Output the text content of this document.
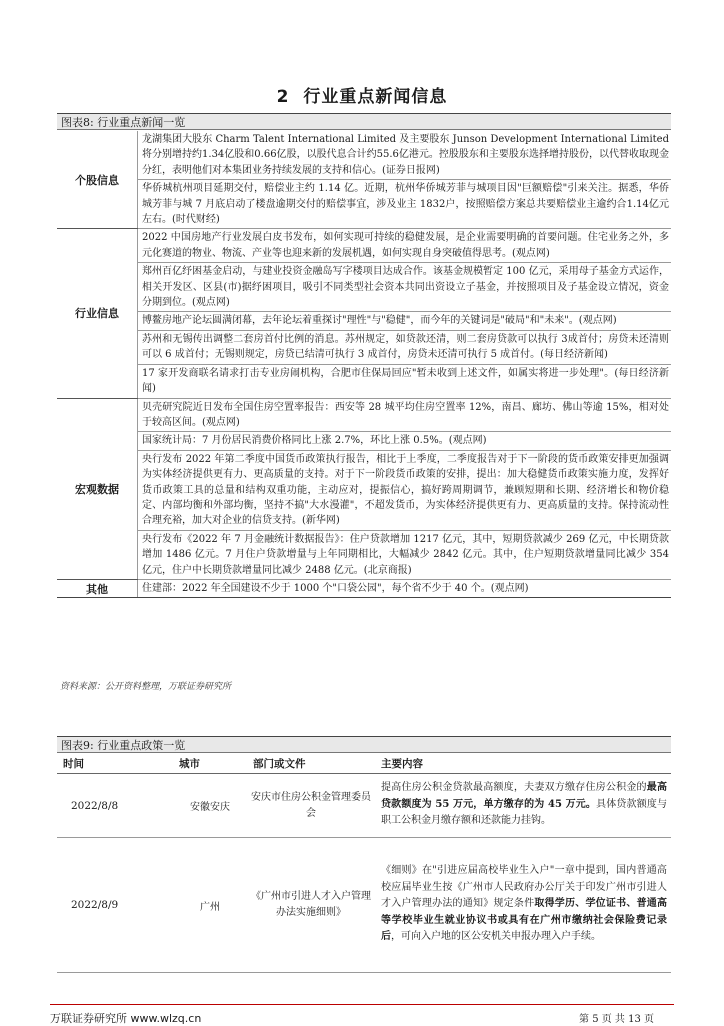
2 行业重点新闻信息
图表8: 行业重点新闻一览
个股信息	龙湖集团大股东 Charm Talent International Limited 及主要股东 Junson Development International Limited将分别增持约1.34亿股和0.66亿股，以股代息合计约55.6亿港元。控股股东和主要股东选择增持股份，以代替收取现金分红，表明他们对本集团业务持续发展的支持和信心。(证券日报网)
	华侨城杭州项目延期交付，赔偿业主约 1.14 亿。近期，杭州华侨城芳菲与城项目因"巨额赔偿"引来关注。据悉，华侨城芳菲与城 7 月底启动了楼盘逾期交付的赔偿事宜，涉及业主 1832户，按照赔偿方案总共要赔偿业主逾约合1.14亿元左右。(时代财经)
行业信息	2022 中国房地产行业发展白皮书发布，如何实现可持续的稳健发展，是企业需要明确的首要问题。住宅业务之外，多元化赛道的物业、物流、产业等也迎来新的发展机遇，如何实现自身突破值得思考。(观点网)
	郑州百亿纾困基金启动，与建业投资金融岛写字楼项目达成合作。该基金规模暂定 100 亿元，采用母子基金方式运作，相关开发区、区县(市)据纾困项目，吸引不同类型社会资本共同出资设立子基金，并按照项目及子基金设立情况，资金分期到位。(观点网)
	博鳌房地产论坛圆满闭幕，去年论坛着重探讨"理性"与"稳健"，而今年的关键词是"破局"和"未来"。(观点网)
	苏州和无锡传出调整二套房首付比例的消息。苏州规定，如贷款还清，则二套房贷款可以执行 3成首付；房贷未还清则可以 6 成首付；无锡则规定，房贷已结清可执行 3 成首付，房贷未还清可执行 5 成首付。(每日经济新闻)
	17 家开发商联名请求打击专业房闹机构，合肥市住保局回应"暂未收到上述文件，如属实将进一步处理"。(每日经济新闻)
宏观数据	贝壳研究院近日发布全国住房空置率报告：西安等 28 城平均住房空置率 12%，南昌、廊坊、佛山等逾 15%，相对处于较高区间。(观点网)
	国家统计局：7 月份居民消费价格同比上涨 2.7%，环比上涨 0.5%。(观点网)
	央行发布 2022 年第二季度中国货币政策执行报告，相比于上季度，二季度报告对于下一阶段的货币政策安排更加强调为实体经济提供更有力、更高质量的支持。对于下一阶段货币政策的安排，提出：加大稳健货币政策实施力度，发挥好货币政策工具的总量和结构双重功能，主动应对，提振信心，搞好跨周期调节，兼顾短期和长期、经济增长和物价稳定、内部均衡和外部均衡，坚持不搞"大水漫灌"，不超发货币，为实体经济提供更有力、更高质量的支持。保持流动性合理充裕，加大对企业的信贷支持。(新华网)
	央行发布《2022 年 7 月金融统计数据报告》：住户贷款增加 1217 亿元，其中，短期贷款减少 269 亿元，中长期贷款增加 1486 亿元。7 月住户贷款增量与上年同期相比，大幅减少 2842 亿元。其中，住户短期贷款增量同比减少 354 亿元，住户中长期贷款增量同比减少 2488 亿元。(北京商报)
其他	住建部：2022 年全国建设不少于 1000 个"口袋公园"，每个省不少于 40 个。(观点网)
资料来源：公开资料整理，万联证券研究所
图表9: 行业重点政策一览
时间	城市	部门或文件	主要内容
2022/8/8	安徽安庆	安庆市住房公积金管理委员会	提高住房公积金贷款最高额度，夫妻双方缴存住房公积金的最高贷款额度为 55 万元，单方缴存的为 45 万元。具体贷款额度与职工公积金月缴存额和还款能力挂钩。
2022/8/9	广州	《广州市引进人才入户管理办法实施细则》	《细则》在"引进应届高校毕业生入户"一章中提到，国内普通高校应届毕业生按《广州市人民政府办公厅关于印发广州市引进人才入户管理办法的通知》规定条件取得学历、学位证书、普通高等学校毕业生就业协议书或具有在广州市缴纳社会保险费记录后，可向入户地的区公安机关申报办理入户手续。
万联证券研究所 www.wlzq.cn	第 5 页 共 13 页
